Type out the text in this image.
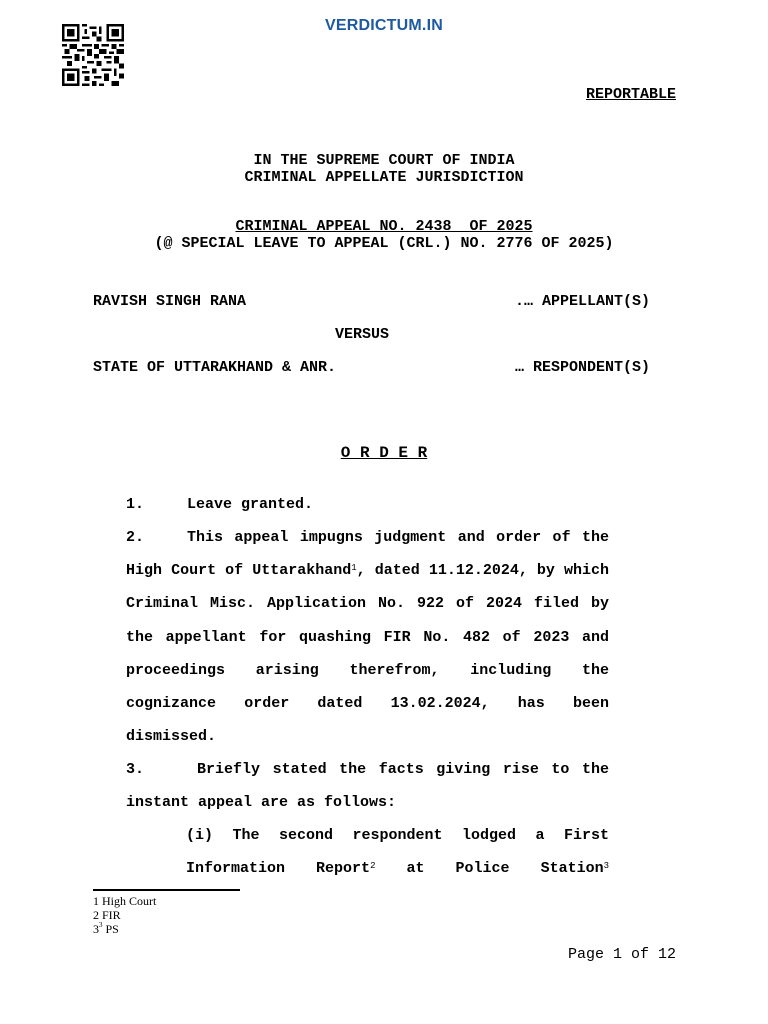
VERDICTUM.IN
REPORTABLE
IN THE SUPREME COURT OF INDIA
CRIMINAL APPELLATE JURISDICTION
CRIMINAL APPEAL NO. 2438  OF 2025
(@ SPECIAL LEAVE TO APPEAL (CRL.) NO. 2776 OF 2025)
RAVISH SINGH RANA	.… APPELLANT(S)
VERSUS
STATE OF UTTARAKHAND & ANR.	… RESPONDENT(S)
O R D E R
1.	Leave granted.
2.	This appeal impugns judgment and order of the High Court of Uttarakhand$^1$, dated 11.12.2024, by which Criminal Misc. Application No. 922 of 2024 filed by the appellant for quashing FIR No. 482 of 2023 and proceedings arising therefrom, including the cognizance order dated 13.02.2024, has been dismissed.
3.	Briefly stated the facts giving rise to the instant appeal are as follows:
(i) The second respondent lodged a First
Information Report$^2$ at Police Station$^3$
1 High Court
2 FIR
$3^3$ PS
Page 1 of 12
